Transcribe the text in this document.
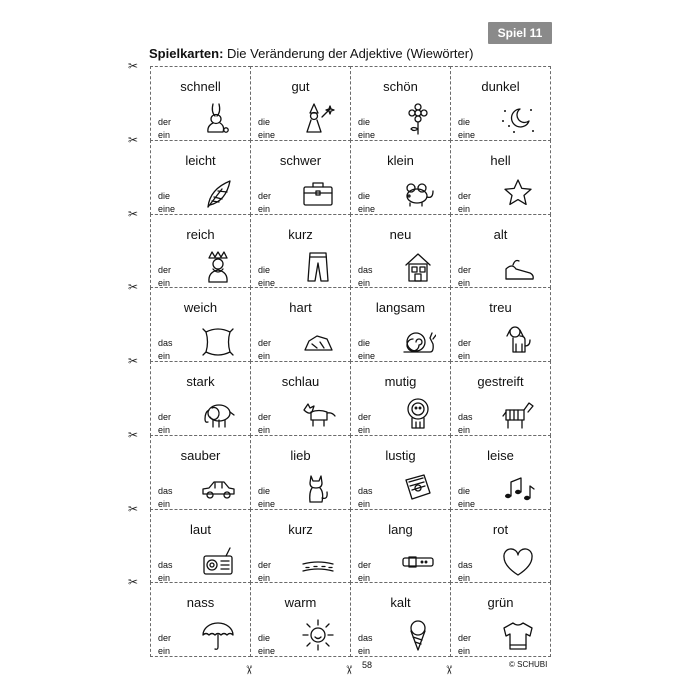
Spiel 11
Spielkarten: Die Veränderung der Adjektive (Wiewörter)
schnell
der
ein
gut
die
eine
schön
die
eine
dunkel
die
eine
leicht
die
eine
schwer
der
ein
klein
die
eine
hell
der
ein
reich
der
ein
kurz
die
eine
neu
das
ein
alt
der
ein
weich
das
ein
hart
der
ein
langsam
die
eine
treu
der
ein
stark
der
ein
schlau
der
ein
mutig
der
ein
gestreift
das
ein
sauber
das
ein
lieb
die
eine
lustig
das
ein
leise
die
eine
laut
das
ein
kurz
der
ein
lang
der
ein
rot
das
ein
nass
der
ein
warm
die
eine
kalt
das
ein
grün
der
ein
✂
✂
✂
✂
✂
✂
✂
✂
✂	✂	✂
58	© SCHUBI
